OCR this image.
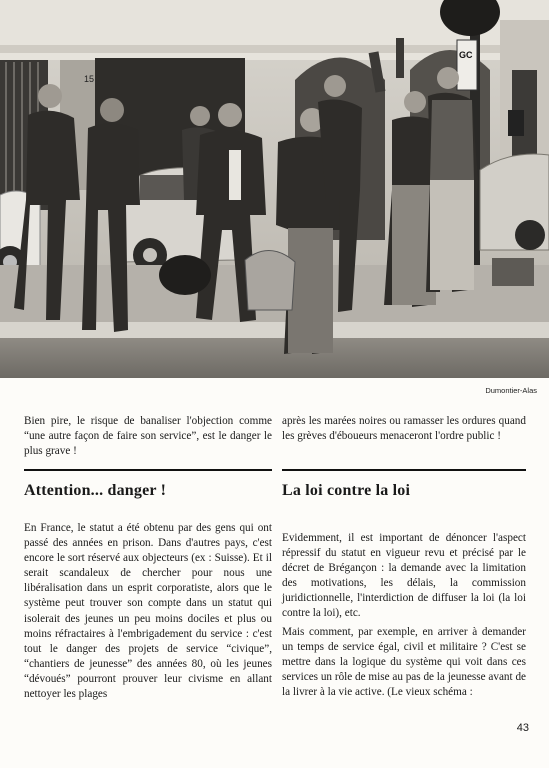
15
GC
Dumontier-Alas
Bien pire, le risque de banaliser l'objection comme “une autre façon de faire son service”, est le danger le plus grave !
Attention... danger !
En France, le statut a été obtenu par des gens qui ont passé des années en prison. Dans d'autres pays, c'est encore le sort réservé aux objecteurs (ex : Suisse). Et il serait scandaleux de chercher pour nous une libéralisation dans un esprit corporatiste, alors que le système peut trouver son compte dans un statut qui isolerait des jeunes un peu moins dociles et plus ou moins réfractaires à l'embrigadement du service : c'est tout le danger des projets de service “civique”, “chantiers de jeunesse” des années 80, où les jeunes “dévoués” pourront prouver leur civisme en allant nettoyer les plages
après les marées noires ou ramasser les ordures quand les grèves d'éboueurs menaceront l'ordre public !
La loi contre la loi

Evidemment, il est important de dénoncer l'aspect répressif du statut en vigueur revu et précisé par le décret de Brégançon : la demande avec la limitation des motivations, les délais, la commission juridictionnelle, l'interdiction de diffuser la loi (la loi contre la loi), etc.

Mais comment, par exemple, en arriver à demander un temps de service égal, civil et militaire ? C'est se mettre dans la logique du système qui voit dans ces services un rôle de mise au pas de la jeunesse avant de la livrer à la vie active. (Le vieux schéma :

43
